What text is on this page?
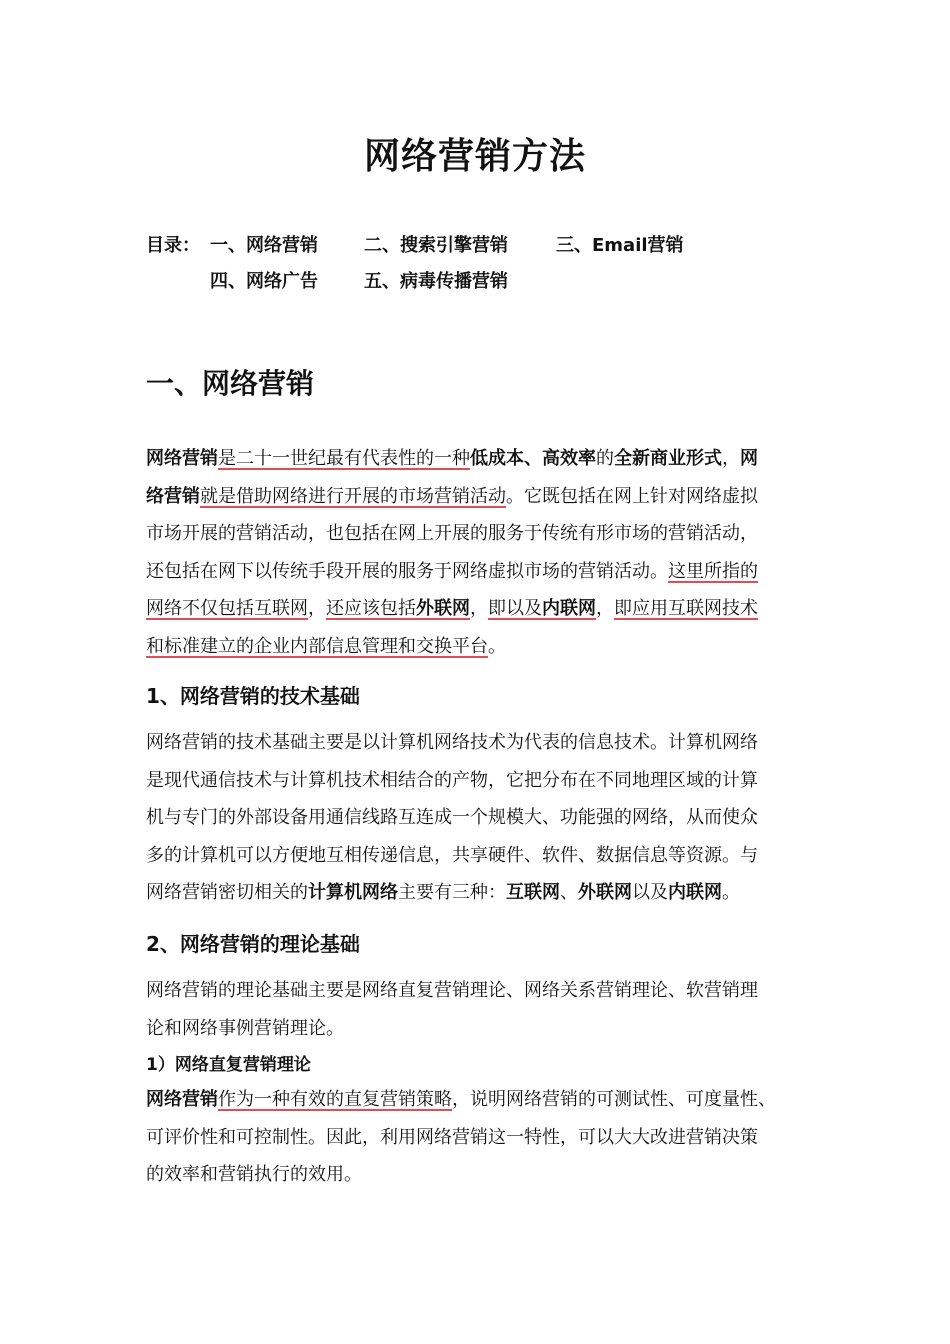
网络营销方法
目录： 一、网络营销	二、搜索引擎营销	三、Email营销
四、网络广告	五、病毒传播营销
一、网络营销
网络营销是二十一世纪最有代表性的一种低成本、高效率的全新商业形式，网
络营销就是借助网络进行开展的市场营销活动。它既包括在网上针对网络虚拟
市场开展的营销活动，也包括在网上开展的服务于传统有形市场的营销活动，
还包括在网下以传统手段开展的服务于网络虚拟市场的营销活动。这里所指的
网络不仅包括互联网，还应该包括外联网，即以及内联网，即应用互联网技术
和标准建立的企业内部信息管理和交换平台。
1、网络营销的技术基础
网络营销的技术基础主要是以计算机网络技术为代表的信息技术。计算机网络
是现代通信技术与计算机技术相结合的产物，它把分布在不同地理区域的计算
机与专门的外部设备用通信线路互连成一个规模大、功能强的网络，从而使众
多的计算机可以方便地互相传递信息，共享硬件、软件、数据信息等资源。与
网络营销密切相关的计算机网络主要有三种：互联网、外联网以及内联网。
2、网络营销的理论基础
网络营销的理论基础主要是网络直复营销理论、网络关系营销理论、软营销理
论和网络事例营销理论。
1）网络直复营销理论
网络营销作为一种有效的直复营销策略，说明网络营销的可测试性、可度量性、
可评价性和可控制性。因此，利用网络营销这一特性，可以大大改进营销决策
的效率和营销执行的效用。
